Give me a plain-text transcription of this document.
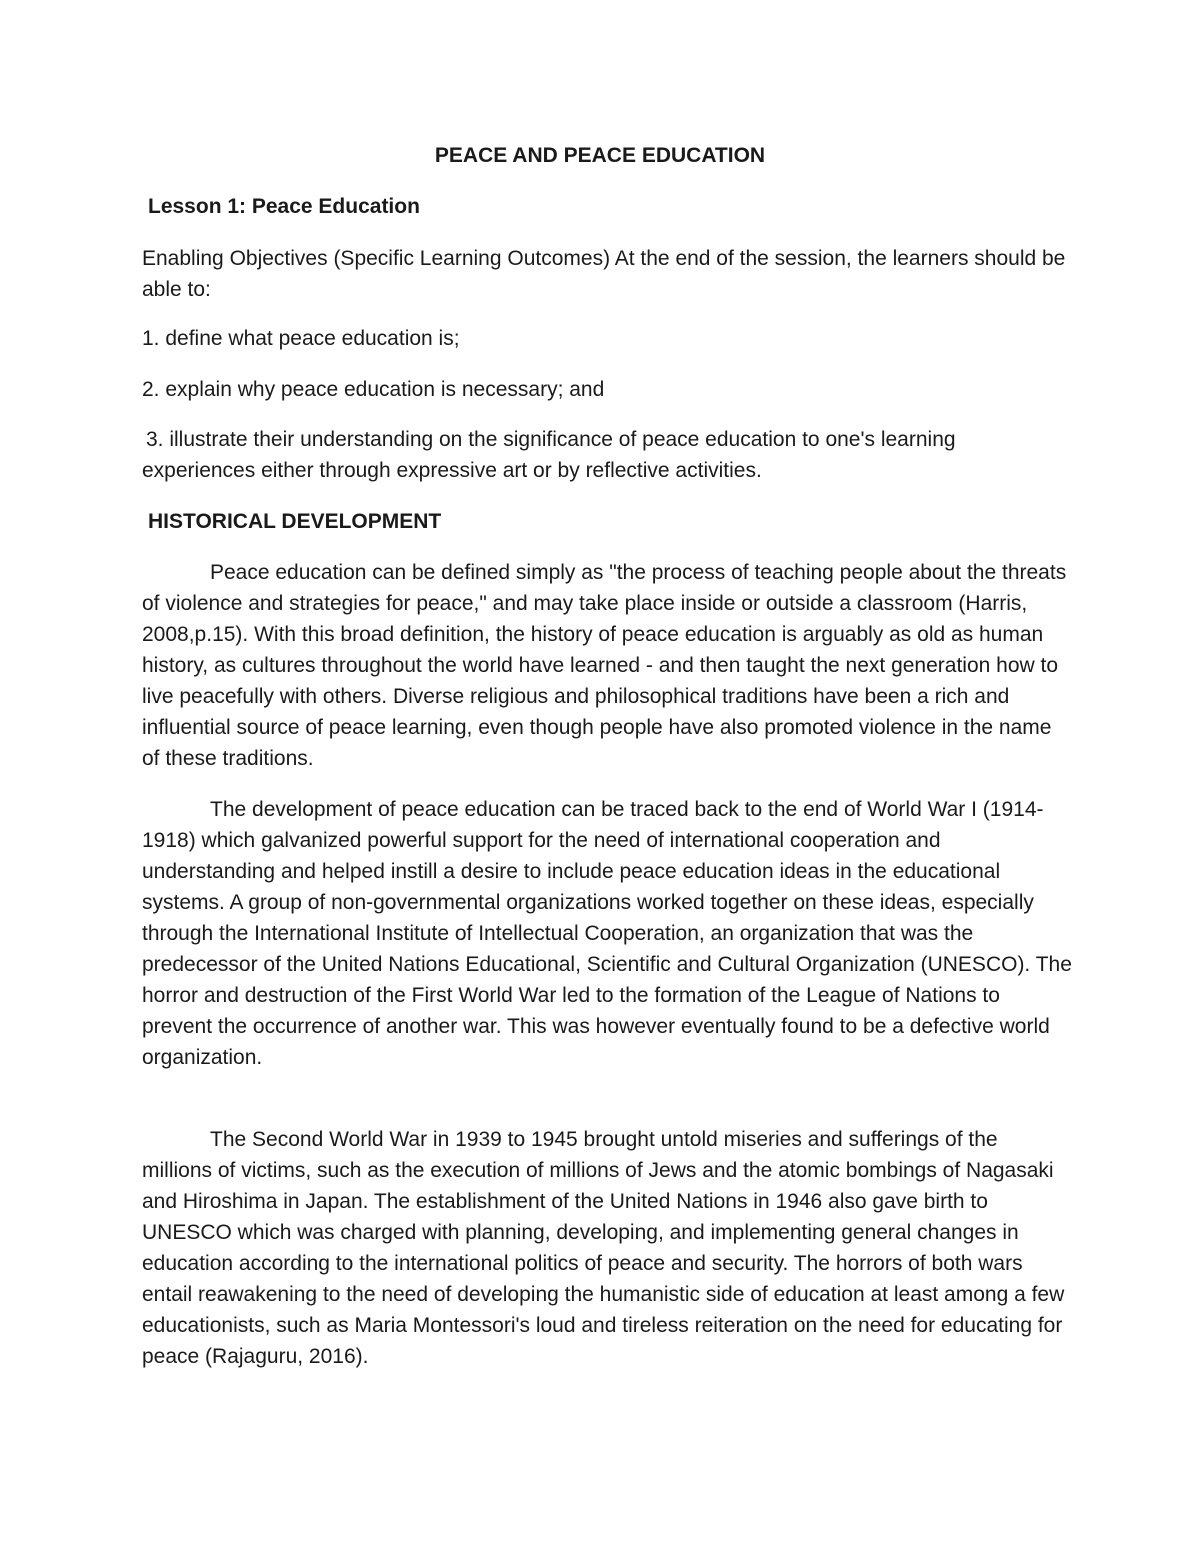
PEACE AND PEACE EDUCATION
Lesson 1: Peace Education

Enabling Objectives (Specific Learning Outcomes) At the end of the session, the learners should be able to:

1. define what peace education is;

2. explain why peace education is necessary; and

3. illustrate their understanding on the significance of peace education to one's learning experiences either through expressive art or by reflective activities.

HISTORICAL DEVELOPMENT

Peace education can be defined simply as "the process of teaching people about the threats of violence and strategies for peace," and may take place inside or outside a classroom (Harris, 2008,p.15). With this broad definition, the history of peace education is arguably as old as human history, as cultures throughout the world have learned - and then taught the next generation how to live peacefully with others. Diverse religious and philosophical traditions have been a rich and influential source of peace learning, even though people have also promoted violence in the name of these traditions.

The development of peace education can be traced back to the end of World War I (1914-1918) which galvanized powerful support for the need of international cooperation and understanding and helped instill a desire to include peace education ideas in the educational systems. A group of non-governmental organizations worked together on these ideas, especially through the International Institute of Intellectual Cooperation, an organization that was the predecessor of the United Nations Educational, Scientific and Cultural Organization (UNESCO). The horror and destruction of the First World War led to the formation of the League of Nations to prevent the occurrence of another war. This was however eventually found to be a defective world organization.

The Second World War in 1939 to 1945 brought untold miseries and sufferings of the millions of victims, such as the execution of millions of Jews and the atomic bombings of Nagasaki and Hiroshima in Japan. The establishment of the United Nations in 1946 also gave birth to UNESCO which was charged with planning, developing, and implementing general changes in education according to the international politics of peace and security. The horrors of both wars entail reawakening to the need of developing the humanistic side of education at least among a few educationists, such as Maria Montessori's loud and tireless reiteration on the need for educating for peace (Rajaguru, 2016).
